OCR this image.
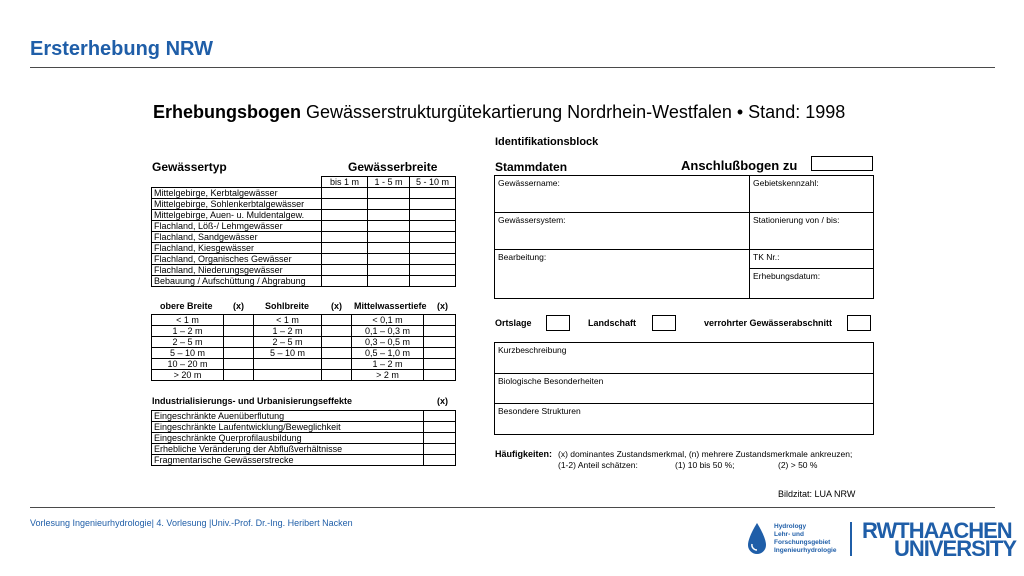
Ersterhebung NRW
Erhebungsbogen Gewässerstrukturgütekartierung Nordrhein-Westfalen • Stand: 1998
Gewässertyp	Gewässerbreite
	bis 1 m	1 - 5 m	5 - 10 m
Mittelgebirge, Kerbtalgewässer			
Mittelgebirge, Sohlenkerbtalgewässer			
Mittelgebirge, Auen- u. Muldentalgew.			
Flachland, Löß-/ Lehmgewässer			
Flachland, Sandgewässer			
Flachland, Kiesgewässer			
Flachland, Organisches Gewässer			
Flachland, Niederungsgewässer			
Bebauung / Aufschüttung / Abgrabung			
obere Breite (x) Sohlbreite (x) Mittelwassertiefe (x)
< 1 m		< 1 m		< 0,1 m	
1 – 2 m		1 – 2 m		0,1 – 0,3 m	
2 – 5 m		2 – 5 m		0,3 – 0,5 m	
5 – 10 m		5 – 10 m		0,5 – 1,0 m	
10 – 20 m				1 – 2 m	
> 20 m				> 2 m	
Industrialisierungs- und Urbanisierungseffekte	(x)
Eingeschränkte Auenüberflutung	
Eingeschränkte Laufentwicklung/Beweglichkeit	
Eingeschränkte Querprofilausbildung	
Erhebliche Veränderung der Abflußverhältnisse	
Fragmentarische Gewässerstrecke	
Identifikationsblock
Stammdaten	Anschlußbogen zu
Gewässername:	Gebietskennzahl:
Gewässersystem:	Stationierung von / bis:
Bearbeitung:	TK Nr.:
Erhebungsdatum:
Ortslage	Landschaft	verrohrter Gewässerabschnitt
Kurzbeschreibung
Biologische Besonderheiten
Besondere Strukturen
Häufigkeiten: (x) dominantes Zustandsmerkmal, (n) mehrere Zustandsmerkmale ankreuzen;
(1-2) Anteil schätzen:	(1) 10 bis 50 %;	(2) > 50 %
Bildzitat: LUA NRW
Vorlesung Ingenieurhydrologie| 4. Vorlesung |Univ.-Prof. Dr.-Ing. Heribert Nacken	Hydrology
Lehr- und
Forschungsgebiet
Ingenieurhydrologie
RWTHAACHEN
UNIVERSITY
